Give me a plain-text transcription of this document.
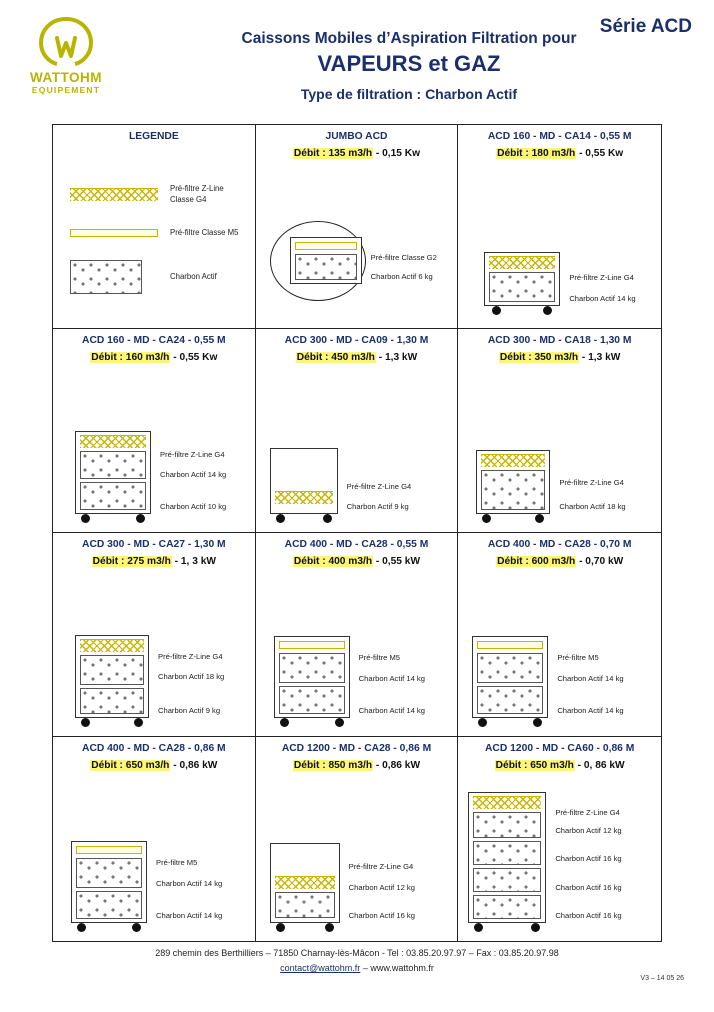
WATTOHM
EQUIPEMENT
Caissons Mobiles d’Aspiration Filtration pour
VAPEURS et GAZ
Type de filtration : Charbon Actif
Série ACD
LEGENDE
Pré-filtre Z-Line
Classe G4
Pré-filtre Classe M5
Charbon Actif
JUMBO ACD
Débit : 135 m3/h - 0,15 Kw
Pré-filtre Classe G2
Charbon Actif 6 kg
ACD 160 - MD - CA14 - 0,55 M
Débit : 180 m3/h - 0,55 Kw
Pré-filtre Z-Line G4
Charbon Actif 14 kg
ACD 160 - MD - CA24 - 0,55 M
Débit : 160 m3/h - 0,55 Kw
Pré-filtre Z-Line G4
Charbon Actif 14 kg
Charbon Actif 10 kg
ACD 300 - MD - CA09 - 1,30 M
Débit : 450 m3/h - 1,3 kW
Pré-filtre Z-Line G4
Charbon Actif 9 kg
ACD 300 - MD - CA18 - 1,30 M
Débit : 350 m3/h - 1,3 kW
Pré-filtre Z-Line G4
Charbon Actif 18 kg
ACD 300 - MD - CA27 - 1,30 M
Débit : 275 m3/h - 1, 3 kW
Pré-filtre Z-Line G4
Charbon Actif 18 kg
Charbon Actif 9 kg
ACD 400 - MD - CA28 - 0,55 M
Débit : 400 m3/h - 0,55 kW
Pré-filtre M5
Charbon Actif 14 kg
Charbon Actif 14 kg
ACD 400 - MD - CA28 - 0,70 M
Débit : 600 m3/h - 0,70 kW
Pré-filtre M5
Charbon Actif 14 kg
Charbon Actif 14 kg
ACD 400 - MD - CA28 - 0,86 M
Débit : 650 m3/h - 0,86 kW
Pré-filtre M5
Charbon Actif 14 kg
Charbon Actif 14 kg
ACD 1200 - MD - CA28 - 0,86 M
Débit : 850 m3/h - 0,86 kW
Pré-filtre Z-Line G4
Charbon Actif 12 kg
Charbon Actif 16 kg
ACD 1200 - MD - CA60 - 0,86 M
Débit : 650 m3/h - 0, 86 kW
Pré-filtre Z-Line G4
Charbon Actif 12 kg
Charbon Actif 16 kg
Charbon Actif 16 kg
Charbon Actif 16 kg
289 chemin des Berthilliers – 71850 Charnay-lès-Mâcon - Tel : 03.85.20.97.97 – Fax : 03.85.20.97.98
contact@wattohm.fr – www.wattohm.fr
V3 – 14 05 26
